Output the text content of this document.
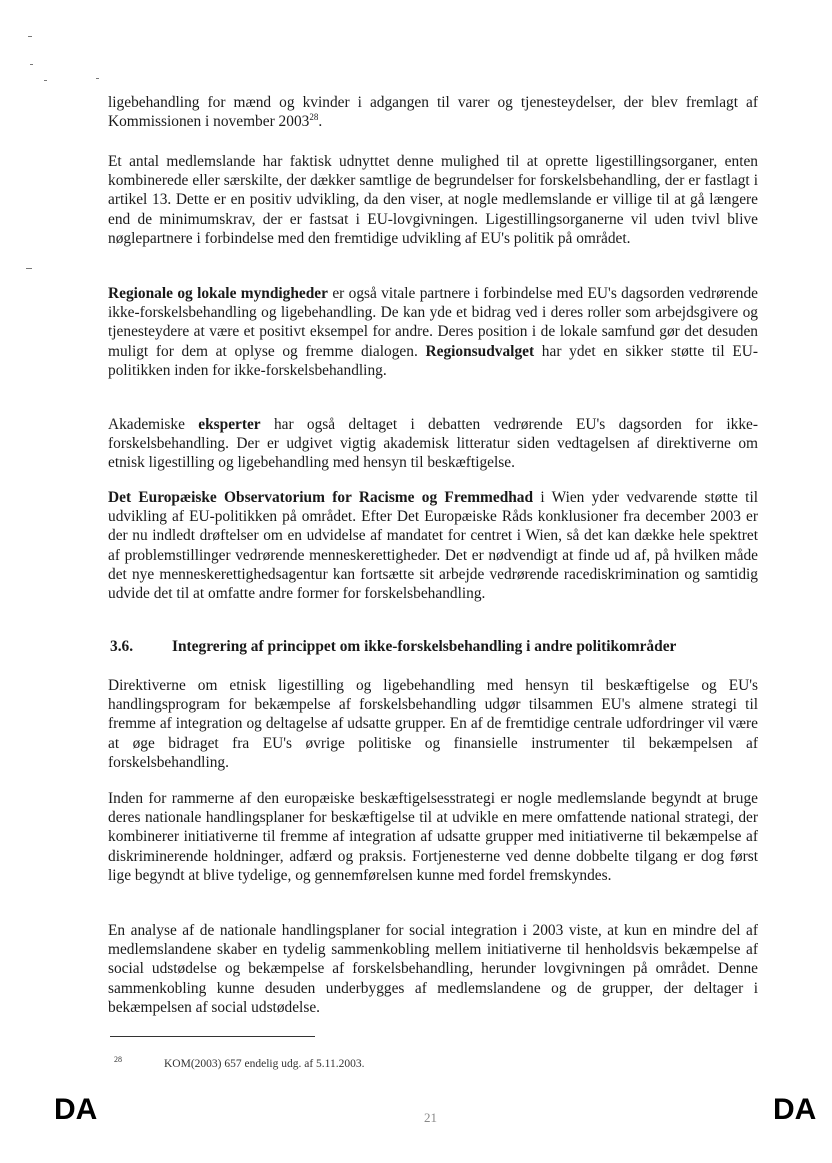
ligebehandling for mænd og kvinder i adgangen til varer og tjenesteydelser, der blev fremlagt af Kommissionen i november 2003$^{28}$.

Et antal medlemslande har faktisk udnyttet denne mulighed til at oprette ligestillingsorganer, enten kombinerede eller særskilte, der dækker samtlige de begrundelser for forskelsbehandling, der er fastlagt i artikel 13. Dette er en positiv udvikling, da den viser, at nogle medlemslande er villige til at gå længere end de minimumskrav, der er fastsat i EU-lovgivningen. Ligestillingsorganerne vil uden tvivl blive nøglepartnere i forbindelse med den fremtidige udvikling af EU's politik på området.

Regionale og lokale myndigheder er også vitale partnere i forbindelse med EU's dagsorden vedrørende ikke-forskelsbehandling og ligebehandling. De kan yde et bidrag ved i deres roller som arbejdsgivere og tjenesteydere at være et positivt eksempel for andre. Deres position i de lokale samfund gør det desuden muligt for dem at oplyse og fremme dialogen. Regionsudvalget har ydet en sikker støtte til EU-politikken inden for ikke-forskelsbehandling.

Akademiske eksperter har også deltaget i debatten vedrørende EU's dagsorden for ikke-forskelsbehandling. Der er udgivet vigtig akademisk litteratur siden vedtagelsen af direktiverne om etnisk ligestilling og ligebehandling med hensyn til beskæftigelse.

Det Europæiske Observatorium for Racisme og Fremmedhad i Wien yder vedvarende støtte til udvikling af EU-politikken på området. Efter Det Europæiske Råds konklusioner fra december 2003 er der nu indledt drøftelser om en udvidelse af mandatet for centret i Wien, så det kan dække hele spektret af problemstillinger vedrørende menneskerettigheder. Det er nødvendigt at finde ud af, på hvilken måde det nye menneskerettighedsagentur kan fortsætte sit arbejde vedrørende racediskrimination og samtidig udvide det til at omfatte andre former for forskelsbehandling.

3.6.	Integrering af princippet om ikke-forskelsbehandling i andre politikområder

Direktiverne om etnisk ligestilling og ligebehandling med hensyn til beskæftigelse og EU's handlingsprogram for bekæmpelse af forskelsbehandling udgør tilsammen EU's almene strategi til fremme af integration og deltagelse af udsatte grupper. En af de fremtidige centrale udfordringer vil være at øge bidraget fra EU's øvrige politiske og finansielle instrumenter til bekæmpelsen af forskelsbehandling.

Inden for rammerne af den europæiske beskæftigelsesstrategi er nogle medlemslande begyndt at bruge deres nationale handlingsplaner for beskæftigelse til at udvikle en mere omfattende national strategi, der kombinerer initiativerne til fremme af integration af udsatte grupper med initiativerne til bekæmpelse af diskriminerende holdninger, adfærd og praksis. Fortjenesterne ved denne dobbelte tilgang er dog først lige begyndt at blive tydelige, og gennemførelsen kunne med fordel fremskyndes.

En analyse af de nationale handlingsplaner for social integration i 2003 viste, at kun en mindre del af medlemslandene skaber en tydelig sammenkobling mellem initiativerne til henholdsvis bekæmpelse af social udstødelse og bekæmpelse af forskelsbehandling, herunder lovgivningen på området. Denne sammenkobling kunne desuden underbygges af medlemslandene og de grupper, der deltager i bekæmpelsen af social udstødelse.

$^{28}$	KOM(2003) 657 endelig udg. af 5.11.2003.
DA	21	DA
